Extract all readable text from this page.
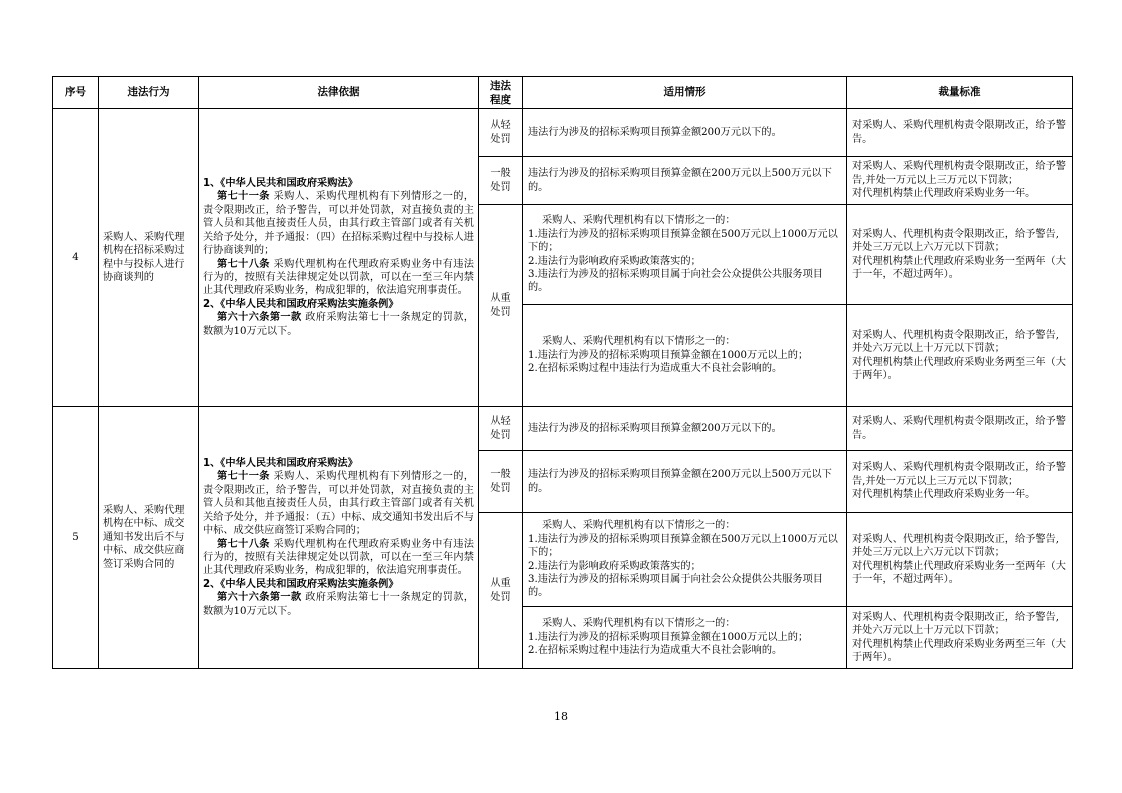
序号	违法行为	法律依据	违法程度	适用情形	裁量标准
4	采购人、采购代理机构在招标采购过程中与投标人进行协商谈判的	1、《中华人民共和国政府采购法》
第七十一条 采购人、采购代理机构有下列情形之一的，责令限期改正，给予警告，可以并处罚款，对直接负责的主管人员和其他直接责任人员，由其行政主管部门或者有关机关给予处分，并予通报：（四）在招标采购过程中与投标人进行协商谈判的；
第七十八条 采购代理机构在代理政府采购业务中有违法行为的，按照有关法律规定处以罚款，可以在一至三年内禁止其代理政府采购业务，构成犯罪的，依法追究刑事责任。
2、《中华人民共和国政府采购法实施条例》
第六十六条第一款 政府采购法第七十一条规定的罚款，数额为10万元以下。	从轻处罚	违法行为涉及的招标采购项目预算金额200万元以下的。	对采购人、采购代理机构责令限期改正，给予警告。

			一般处罚	违法行为涉及的招标采购项目预算金额在200万元以上500万元以下的。	对采购人、采购代理机构责令限期改正，给予警告,并处一万元以上三万元以下罚款；
对代理机构禁止代理政府采购业务一年。

			从重处罚	采购人、采购代理机构有以下情形之一的：
1.违法行为涉及的招标采购项目预算金额在500万元以上1000万元以下的；
2.违法行为影响政府采购政策落实的；
3.违法行为涉及的招标采购项目属于向社会公众提供公共服务项目的。	对采购人、代理机构责令限期改正，给予警告,并处三万元以上六万元以下罚款；
对代理机构禁止代理政府采购业务一至两年（大于一年，不超过两年）。

				采购人、采购代理机构有以下情形之一的：
1.违法行为涉及的招标采购项目预算金额在1000万元以上的；
2.在招标采购过程中违法行为造成重大不良社会影响的。	对采购人、代理机构责令限期改正，给予警告,并处六万元以上十万元以下罚款；
对代理机构禁止代理政府采购业务两至三年（大于两年）。

5	采购人、采购代理机构在中标、成交通知书发出后不与中标、成交供应商签订采购合同的	1、《中华人民共和国政府采购法》
第七十一条 采购人、采购代理机构有下列情形之一的，责令限期改正，给予警告，可以并处罚款，对直接负责的主管人员和其他直接责任人员，由其行政主管部门或者有关机关给予处分，并予通报：（五）中标、成交通知书发出后不与中标、成交供应商签订采购合同的；
第七十八条 采购代理机构在代理政府采购业务中有违法行为的，按照有关法律规定处以罚款，可以在一至三年内禁止其代理政府采购业务，构成犯罪的，依法追究刑事责任。
2、《中华人民共和国政府采购法实施条例》
第六十六条第一款 政府采购法第七十一条规定的罚款，数额为10万元以下。	从轻处罚	违法行为涉及的招标采购项目预算金额200万元以下的。	对采购人、采购代理机构责令限期改正，给予警告。

			一般处罚	违法行为涉及的招标采购项目预算金额在200万元以上500万元以下的。	对采购人、采购代理机构责令限期改正，给予警告,并处一万元以上三万元以下罚款；
对代理机构禁止代理政府采购业务一年。

			从重处罚	采购人、采购代理机构有以下情形之一的：
1.违法行为涉及的招标采购项目预算金额在500万元以上1000万元以下的；
2.违法行为影响政府采购政策落实的；
3.违法行为涉及的招标采购项目属于向社会公众提供公共服务项目的。	对采购人、代理机构责令限期改正，给予警告,并处三万元以上六万元以下罚款；
对代理机构禁止代理政府采购业务一至两年（大于一年，不超过两年）。

				采购人、采购代理机构有以下情形之一的：
1.违法行为涉及的招标采购项目预算金额在1000万元以上的；
2.在招标采购过程中违法行为造成重大不良社会影响的。	对采购人、代理机构责令限期改正，给予警告,并处六万元以上十万元以下罚款；
对代理机构禁止代理政府采购业务两至三年（大于两年）。
18
